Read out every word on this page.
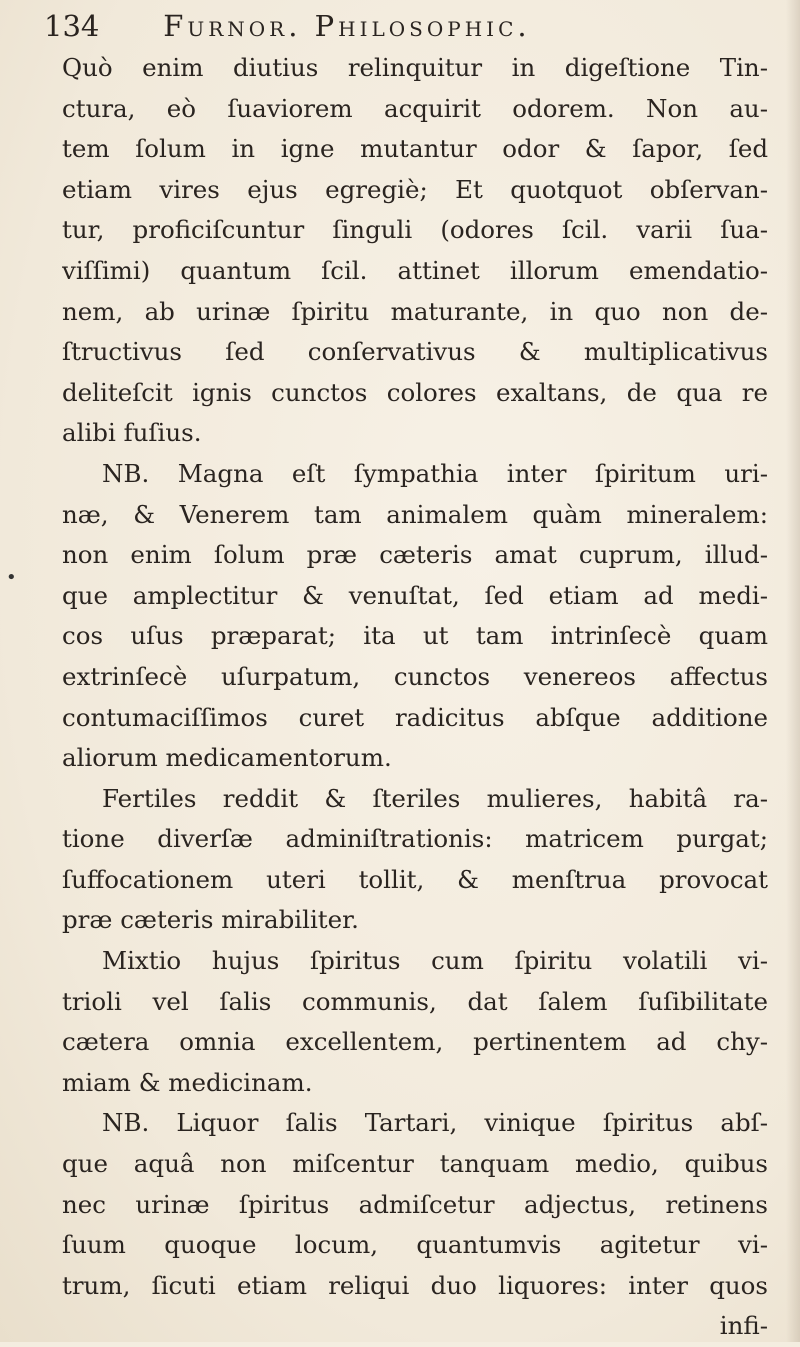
134 Furnor. Philosophic.
•
Quò enim diutius relinquitur in digeſtione Tin-
ctura, eò ſuaviorem acquirit odorem. Non au-
tem ſolum in igne mutantur odor & ſapor, ſed
etiam vires ejus egregiè; Et quotquot obſervan-
tur, proficiſcuntur ſinguli (odores ſcil. varii ſua-
viſſimi) quantum ſcil. attinet illorum emendatio-
nem, ab urinæ ſpiritu maturante, in quo non de-
ſtructivus ſed conſervativus & multiplicativus
delitеſcit ignis cunctos colores exaltans, de qua re
alibi fuſius.
NB. Magna eſt ſympathia inter ſpiritum uri-
næ, & Venerem tam animalem quàm mineralem:
non enim ſolum præ cæteris amat cuprum, illud-
que amplectitur & venuſtat, ſed etiam ad medi-
cos uſus præparat; ita ut tam intrinſecè quam
extrinſecè uſurpatum, cunctos venereos affectus
contumaciſſimos curet radicitus abſque additione
aliorum medicamentorum.
Fertiles reddit & ſteriles mulieres, habitâ ra-
tione diverſæ adminiſtrationis: matricem purgat;
ſuffocationem uteri tollit, & menſtrua provocat
præ cæteris mirabiliter.
Mixtio hujus ſpiritus cum ſpiritu volatili vi-
trioli vel ſalis communis, dat ſalem ſuſibilitate
cætera omnia excellentem, pertinentem ad chy-
miam & medicinam.
NB. Liquor ſalis Tartari, vinique ſpiritus abſ-
que aquâ non miſcentur tanquam medio, quibus
nec urinæ ſpiritus admiſcetur adjectus, retinens
ſuum quoque locum, quantumvis agitetur vi-
trum, ſicuti etiam reliqui duo liquores: inter quos
infi-
